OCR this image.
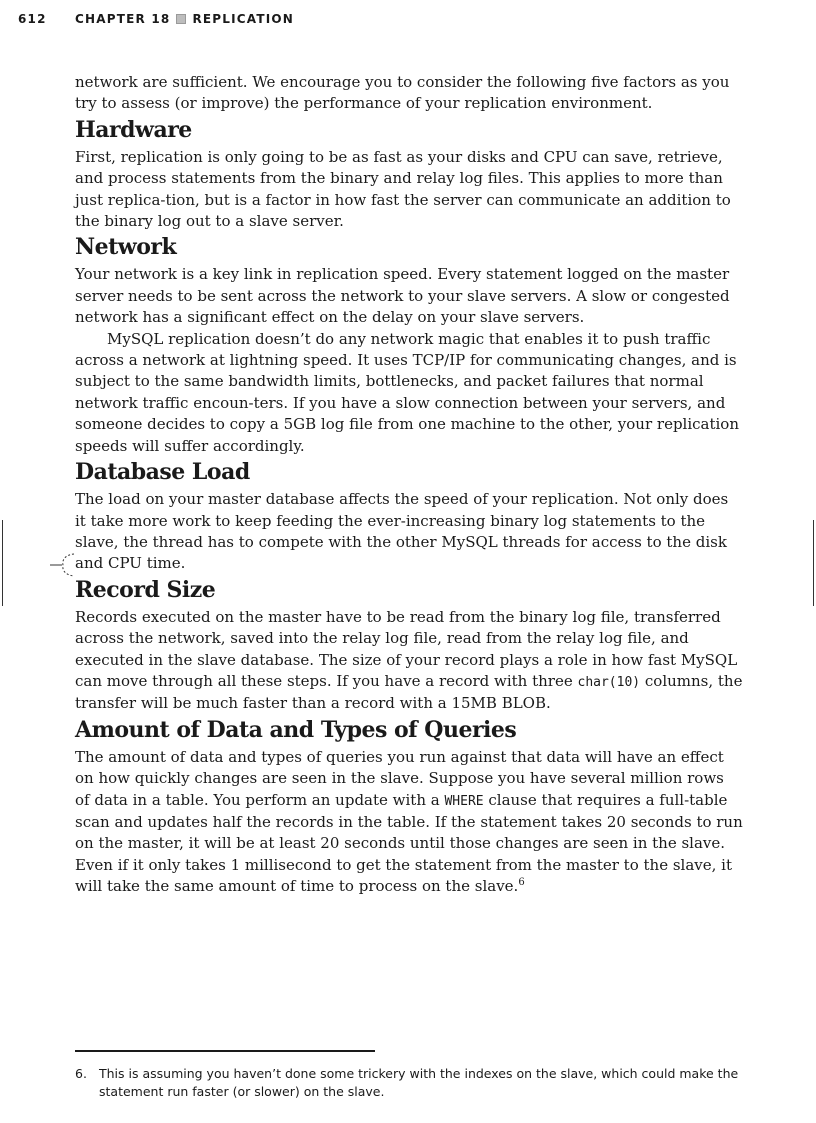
612 CHAPTER 18 REPLICATION

network are sufficient. We encourage you to consider the following five factors as you try to assess (or improve) the performance of your replication environment.

Hardware

First, replication is only going to be as fast as your disks and CPU can save, retrieve, and process statements from the binary and relay log files. This applies to more than just replica-tion, but is a factor in how fast the server can communicate an addition to the binary log out to a slave server.

Network

Your network is a key link in replication speed. Every statement logged on the master server needs to be sent across the network to your slave servers. A slow or congested network has a significant effect on the delay on your slave servers.

MySQL replication doesn’t do any network magic that enables it to push traffic across a network at lightning speed. It uses TCP/IP for communicating changes, and is subject to the same bandwidth limits, bottlenecks, and packet failures that normal network traffic encoun-ters. If you have a slow connection between your servers, and someone decides to copy a 5GB log file from one machine to the other, your replication speeds will suffer accordingly.

Database Load

The load on your master database affects the speed of your replication. Not only does it take more work to keep feeding the ever-increasing binary log statements to the slave, the thread has to compete with the other MySQL threads for access to the disk and CPU time.

Record Size

Records executed on the master have to be read from the binary log file, transferred across the network, saved into the relay log file, read from the relay log file, and executed in the slave database. The size of your record plays a role in how fast MySQL can move through all these steps. If you have a record with three char(10) columns, the transfer will be much faster than a record with a 15MB BLOB.

Amount of Data and Types of Queries

The amount of data and types of queries you run against that data will have an effect on how quickly changes are seen in the slave. Suppose you have several million rows of data in a table. You perform an update with a WHERE clause that requires a full-table scan and updates half the records in the table. If the statement takes 20 seconds to run on the master, it will be at least 20 seconds until those changes are seen in the slave. Even if it only takes 1 millisecond to get the statement from the master to the slave, it will take the same amount of time to process on the slave.$^6$

6. This is assuming you haven’t done some trickery with the indexes on the slave, which could make the statement run faster (or slower) on the slave.
